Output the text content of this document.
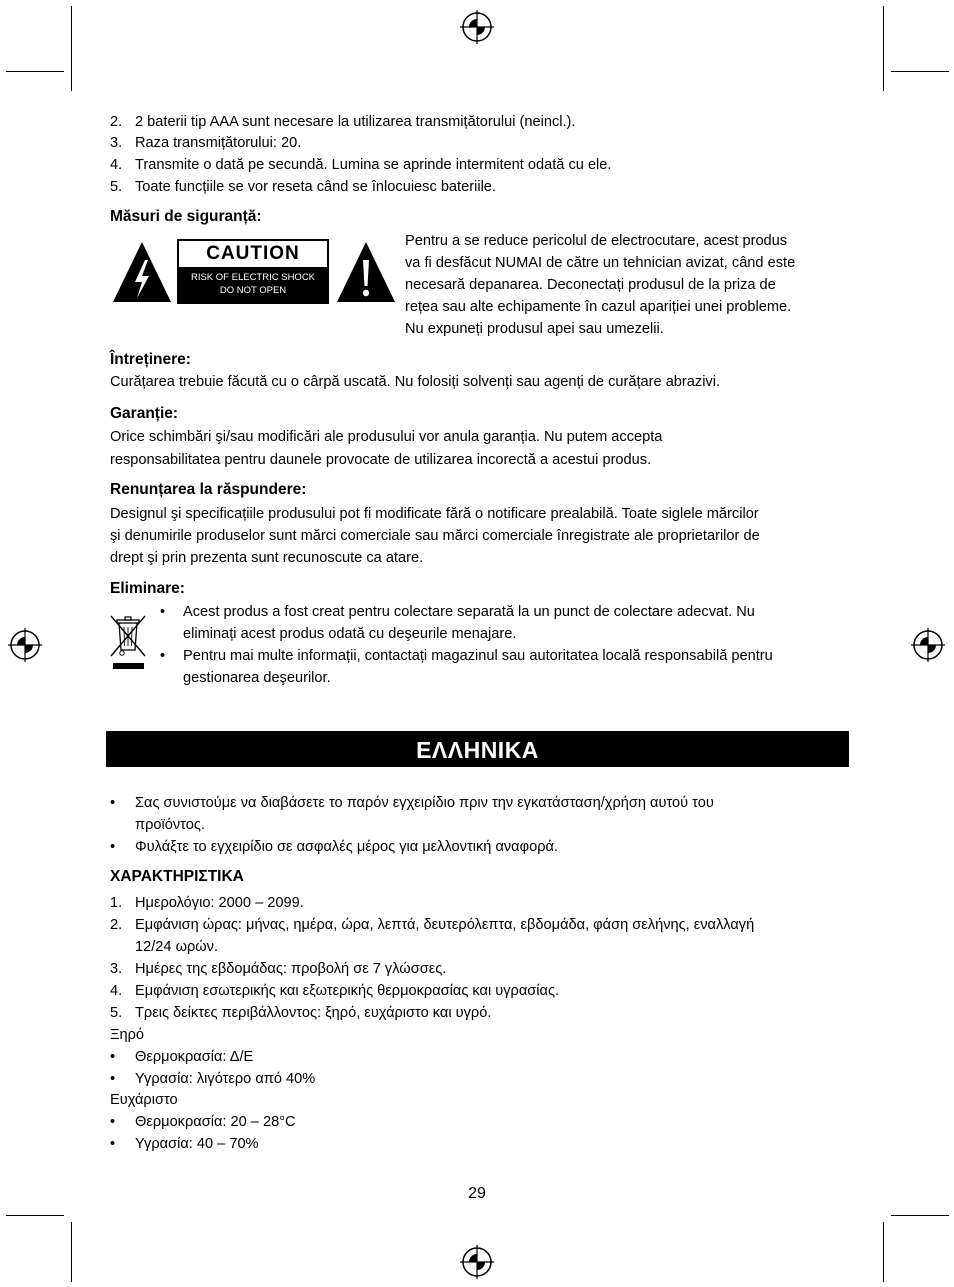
2. 2 baterii tip AAA sunt necesare la utilizarea transmițătorului (neincl.).
3. Raza transmițătorului: 20.
4. Transmite o dată pe secundă. Lumina se aprinde intermitent odată cu ele.
5. Toate funcțiile se vor reseta când se înlocuiesc bateriile.
Măsuri de siguranță:
CAUTION
RISK OF ELECTRIC SHOCK
DO NOT OPEN
Pentru a se reduce pericolul de electrocutare, acest produs
va fi desfăcut NUMAI de către un tehnician avizat, când este
necesară depanarea. Deconectați produsul de la priza de
rețea sau alte echipamente în cazul apariției unei probleme.
Nu expuneți produsul apei sau umezelii.
Întreținere:
Curățarea trebuie făcută cu o cârpă uscată. Nu folosiți solvenți sau agenți de curățare abrazivi.
Garanție:
Orice schimbări şi/sau modificări ale produsului vor anula garanția. Nu putem accepta
responsabilitatea pentru daunele provocate de utilizarea incorectă a acestui produs.
Renunțarea la răspundere:
Designul şi specificațiile produsului pot fi modificate fără o notificare prealabilă. Toate siglele mărcilor
şi denumirile produselor sunt mărci comerciale sau mărci comerciale înregistrate ale proprietarilor de
drept şi prin prezenta sunt recunoscute ca atare.
Eliminare:
• Acest produs a fost creat pentru colectare separată la un punct de colectare adecvat. Nu
eliminați acest produs odată cu deşeurile menajare.
• Pentru mai multe informații, contactați magazinul sau autoritatea locală responsabilă pentru
gestionarea deşeurilor.
ΕΛΛΗΝΙΚΑ
• Σας συνιστούμε να διαβάσετε το παρόν εγχειρίδιο πριν την εγκατάσταση/χρήση αυτού του
προϊόντος.
• Φυλάξτε το εγχειρίδιο σε ασφαλές μέρος για μελλοντική αναφορά.
ΧΑΡΑΚΤΗΡΙΣΤΙΚΑ
1. Ημερολόγιο: 2000 – 2099.
2. Εμφάνιση ώρας: μήνας, ημέρα, ώρα, λεπτά, δευτερόλεπτα, εβδομάδα, φάση σελήνης, εναλλαγή
12/24 ωρών.
3. Ημέρες της εβδομάδας: προβολή σε 7 γλώσσες.
4. Εμφάνιση εσωτερικής και εξωτερικής θερμοκρασίας και υγρασίας.
5. Τρεις δείκτες περιβάλλοντος: ξηρό, ευχάριστο και υγρό.
Ξηρό
• Θερμοκρασία: Δ/Ε
• Υγρασία: λιγότερο από 40%
Ευχάριστο
• Θερμοκρασία: 20 – 28°C
• Υγρασία: 40 – 70%
29
